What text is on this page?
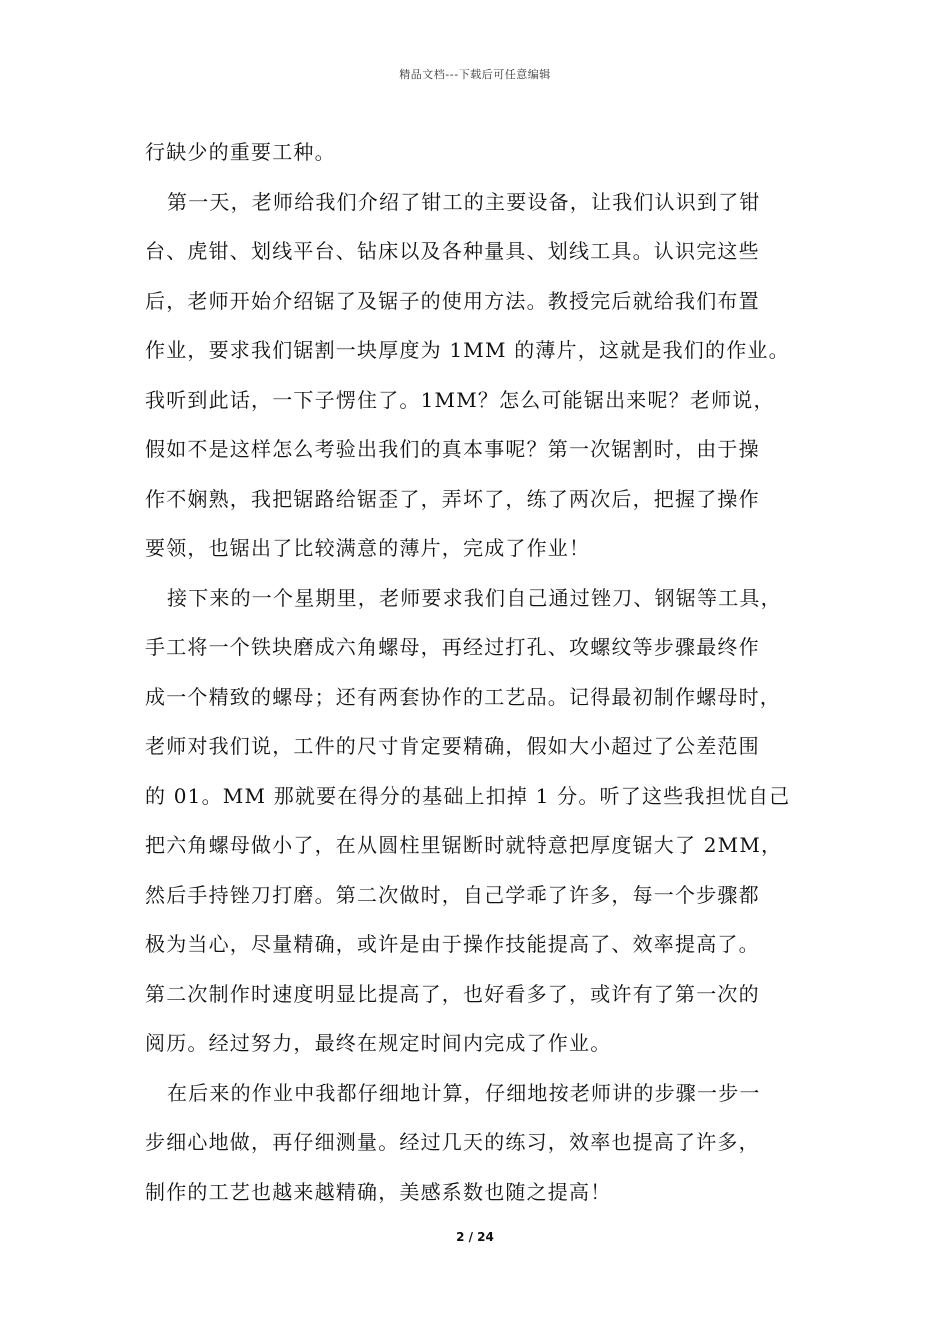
精品文档---下载后可任意编辑
行缺少的重要工种。
第一天，老师给我们介绍了钳工的主要设备，让我们认识到了钳
台、虎钳、划线平台、钻床以及各种量具、划线工具。认识完这些
后，老师开始介绍锯了及锯子的使用方法。教授完后就给我们布置
作业，要求我们锯割一块厚度为 1MM 的薄片，这就是我们的作业。
我听到此话，一下子愣住了。1MM？怎么可能锯出来呢？老师说，
假如不是这样怎么考验出我们的真本事呢？第一次锯割时，由于操
作不娴熟，我把锯路给锯歪了，弄坏了，练了两次后，把握了操作
要领，也锯出了比较满意的薄片，完成了作业！
接下来的一个星期里，老师要求我们自己通过锉刀、钢锯等工具，
手工将一个铁块磨成六角螺母，再经过打孔、攻螺纹等步骤最终作
成一个精致的螺母；还有两套协作的工艺品。记得最初制作螺母时，
老师对我们说，工件的尺寸肯定要精确，假如大小超过了公差范围
的 01。MM 那就要在得分的基础上扣掉 1 分。听了这些我担忧自己
把六角螺母做小了，在从圆柱里锯断时就特意把厚度锯大了 2MM，
然后手持锉刀打磨。第二次做时，自己学乖了许多，每一个步骤都
极为当心，尽量精确，或许是由于操作技能提高了、效率提高了。
第二次制作时速度明显比提高了，也好看多了，或许有了第一次的
阅历。经过努力，最终在规定时间内完成了作业。
在后来的作业中我都仔细地计算，仔细地按老师讲的步骤一步一
步细心地做，再仔细测量。经过几天的练习，效率也提高了许多，
制作的工艺也越来越精确，美感系数也随之提高！
2 / 24
